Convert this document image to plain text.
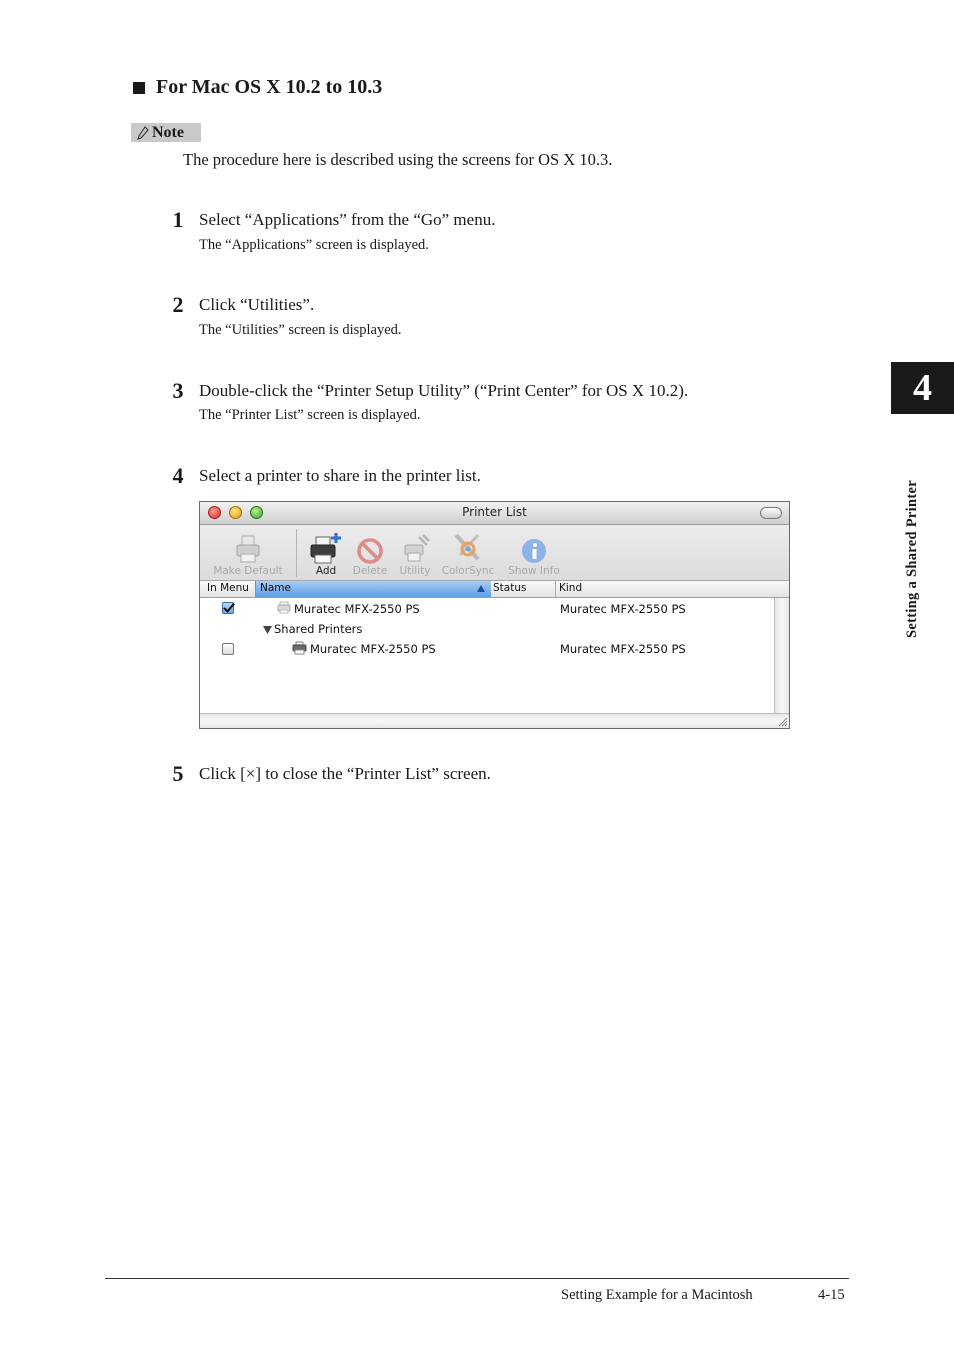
For Mac OS X 10.2 to 10.3
Note
The procedure here is described using the screens for OS X 10.3.
1 Select “Applications” from the “Go” menu.
The “Applications” screen is displayed.
2 Click “Utilities”.
The “Utilities” screen is displayed.
3 Double-click the “Printer Setup Utility” (“Print Center” for OS X 10.2).
The “Printer List” screen is displayed.
4 Select a printer to share in the printer list.
5 Click [×] to close the “Printer List” screen.
Printer List
Make Default	Add	Delete	Utility	ColorSync	Show Info
In Menu Name	Status	Kind
Muratec MFX-2550 PS	Muratec MFX-2550 PS
Shared Printers
Muratec MFX-2550 PS	Muratec MFX-2550 PS
4
Setting a Shared Printer
Setting Example for a Macintosh	4-15
